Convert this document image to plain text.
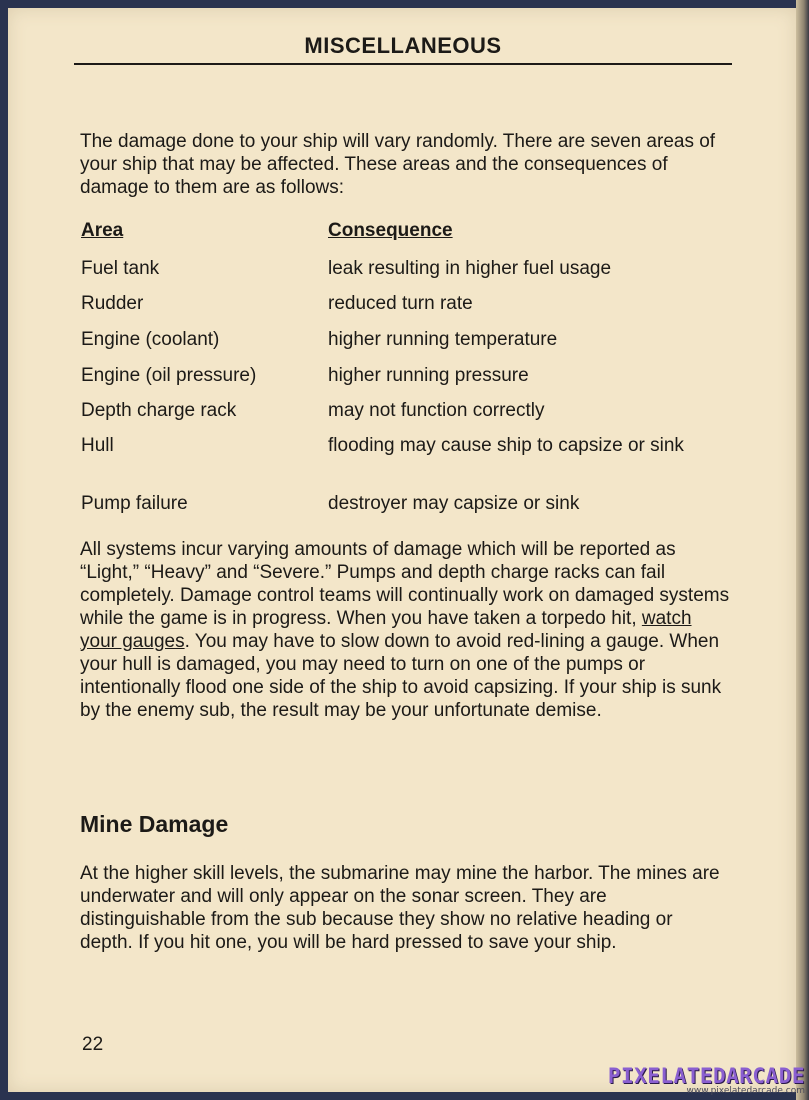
MISCELLANEOUS
The damage done to your ship will vary randomly. There are seven areas of your ship that may be affected. These areas and the consequences of damage to them are as follows:
Area	Consequence
Fuel tank	leak resulting in higher fuel usage
Rudder	reduced turn rate
Engine (coolant)	higher running temperature
Engine (oil pressure)	higher running pressure
Depth charge rack	may not function correctly
Hull	flooding may cause ship to capsize or sink
Pump failure	destroyer may capsize or sink
All systems incur varying amounts of damage which will be reported as “Light,” “Heavy” and “Severe.” Pumps and depth charge racks can fail completely. Damage control teams will continually work on damaged systems while the game is in progress. When you have taken a torpedo hit, watch your gauges. You may have to slow down to avoid red-lining a gauge. When your hull is damaged, you may need to turn on one of the pumps or intentionally flood one side of the ship to avoid capsizing. If your ship is sunk by the enemy sub, the result may be your unfortunate demise.
Mine Damage
At the higher skill levels, the submarine may mine the harbor. The mines are underwater and will only appear on the sonar screen. They are distinguishable from the sub because they show no relative heading or depth. If you hit one, you will be hard pressed to save your ship.
22
PIXELATEDARCADE
www.pixelatedarcade.com
